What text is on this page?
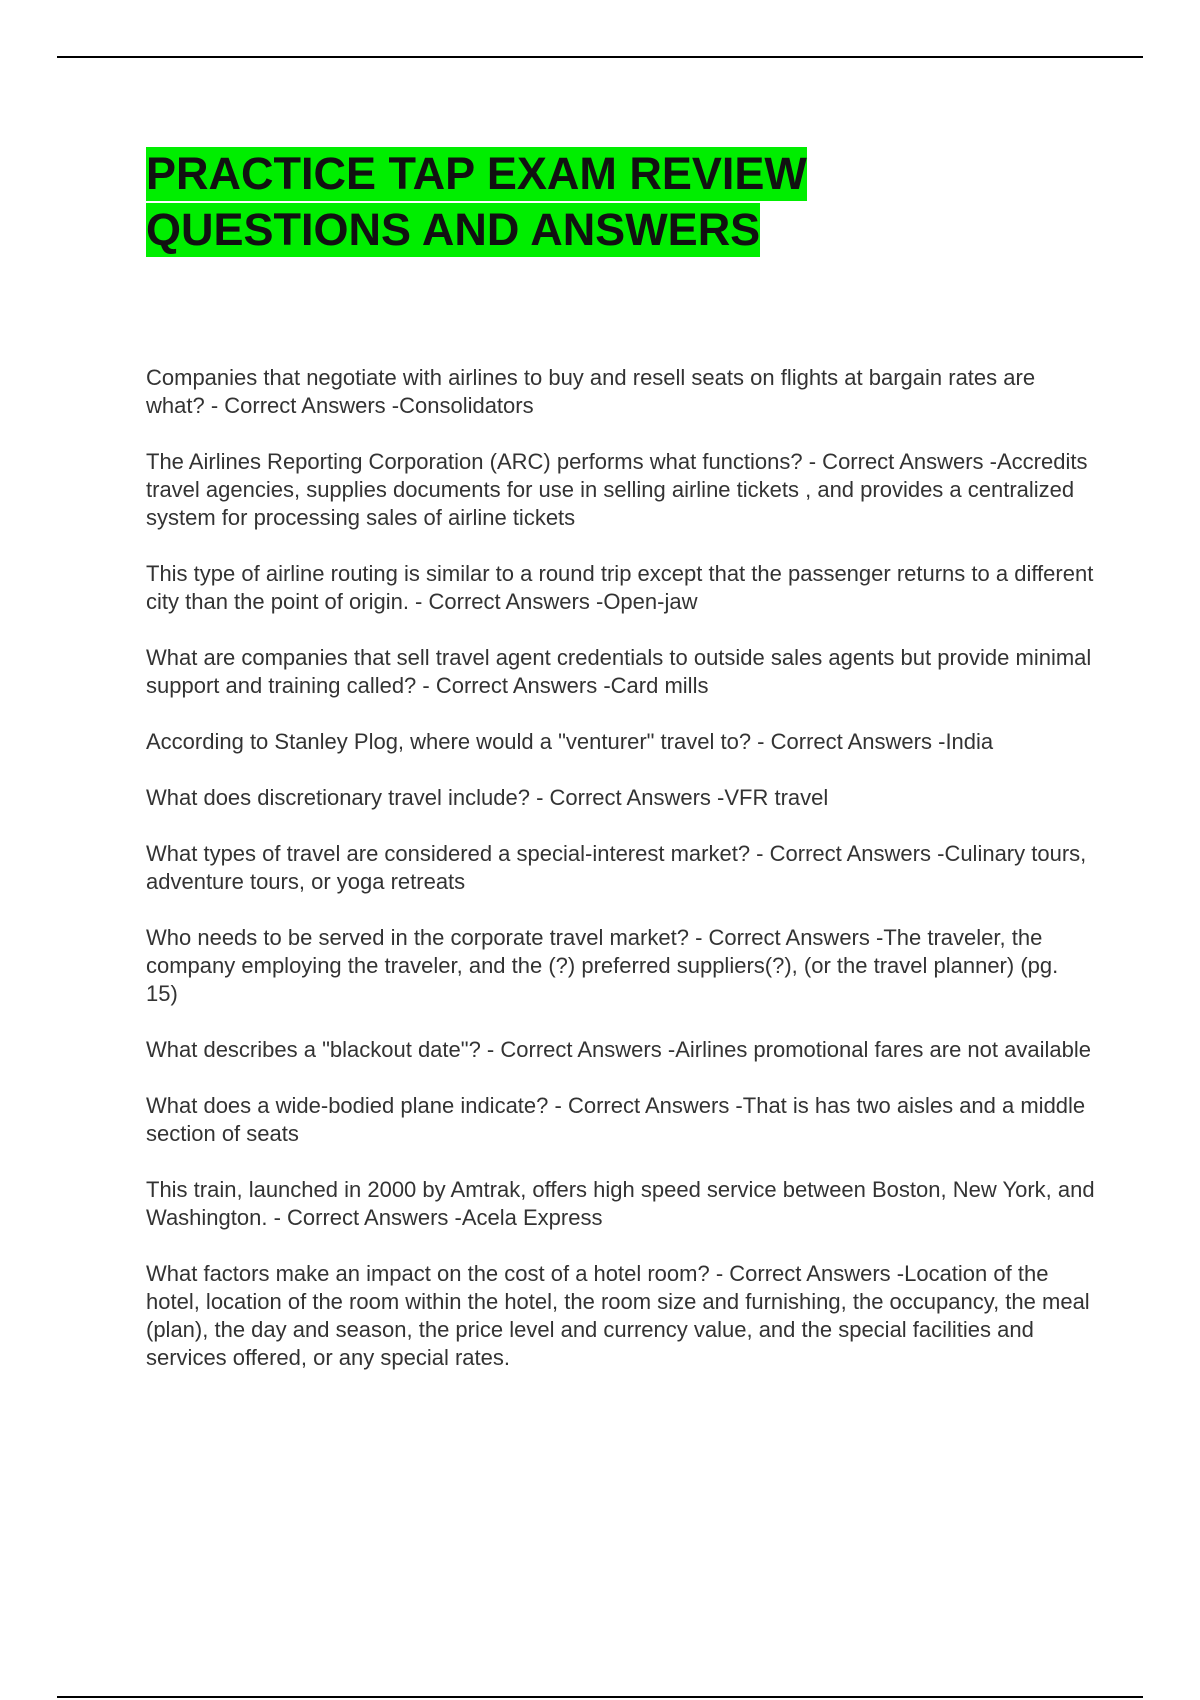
PRACTICE TAP EXAM REVIEW
QUESTIONS AND ANSWERS

Companies that negotiate with airlines to buy and resell seats on flights at bargain rates are what? - Correct Answers -Consolidators

The Airlines Reporting Corporation (ARC) performs what functions? - Correct Answers -Accredits travel agencies, supplies documents for use in selling airline tickets , and provides a centralized system for processing sales of airline tickets

This type of airline routing is similar to a round trip except that the passenger returns to a different city than the point of origin. - Correct Answers -Open-jaw

What are companies that sell travel agent credentials to outside sales agents but provide minimal support and training called? - Correct Answers -Card mills

According to Stanley Plog, where would a "venturer" travel to? - Correct Answers -India

What does discretionary travel include? - Correct Answers -VFR travel

What types of travel are considered a special-interest market? - Correct Answers -Culinary tours, adventure tours, or yoga retreats

Who needs to be served in the corporate travel market? - Correct Answers -The traveler, the company employing the traveler, and the (?) preferred suppliers(?), (or the travel planner) (pg. 15)

What describes a "blackout date"? - Correct Answers -Airlines promotional fares are not available

What does a wide-bodied plane indicate? - Correct Answers -That is has two aisles and a middle section of seats

This train, launched in 2000 by Amtrak, offers high speed service between Boston, New York, and Washington. - Correct Answers -Acela Express

What factors make an impact on the cost of a hotel room? - Correct Answers -Location of the hotel, location of the room within the hotel, the room size and furnishing, the occupancy, the meal (plan), the day and season, the price level and currency value, and the special facilities and services offered, or any special rates.
